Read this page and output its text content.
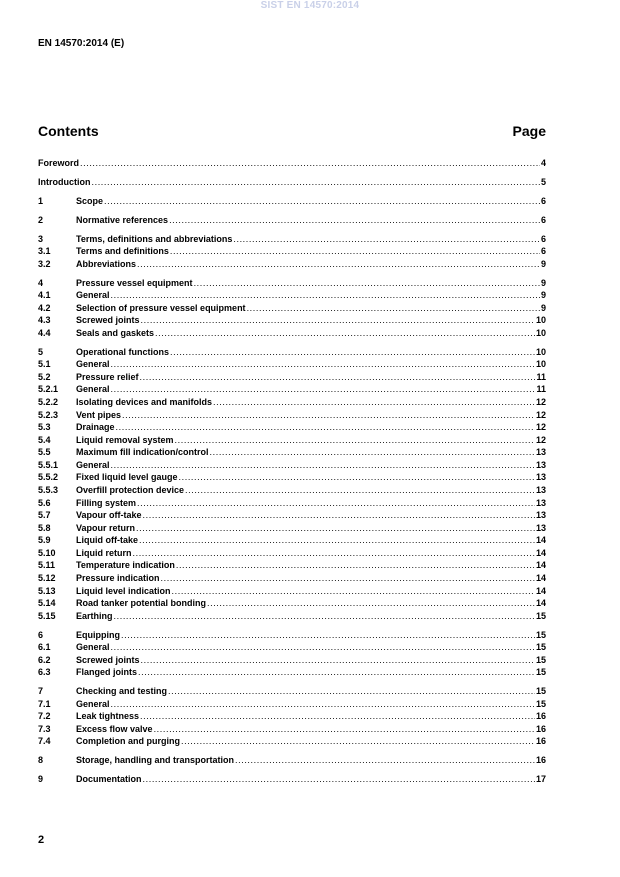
SIST EN 14570:2014
EN 14570:2014 (E)
Contents	Page
Foreword .....	4
Introduction .....	5
1	Scope .....	6
2	Normative references .....	6
3	Terms, definitions and abbreviations .....	6
3.1	Terms and definitions .....	6
3.2	Abbreviations .....	9
4	Pressure vessel equipment .....	9
4.1	General .....	9
4.2	Selection of pressure vessel equipment .....	9
4.3	Screwed joints .....	10
4.4	Seals and gaskets .....	10
5	Operational functions .....	10
5.1	General .....	10
5.2	Pressure relief .....	11
5.2.1 General .....	11
5.2.2 Isolating devices and manifolds .....	12
5.2.3 Vent pipes .....	12
5.3	Drainage .....	12
5.4	Liquid removal system .....	12
5.5	Maximum fill indication/control .....	13
5.5.1 General .....	13
5.5.2 Fixed liquid level gauge .....	13
5.5.3 Overfill protection device .....	13
5.6	Filling system .....	13
5.7	Vapour off-take .....	13
5.8	Vapour return .....	13
5.9	Liquid off-take .....	14
5.10 Liquid return .....	14
5.11 Temperature indication .....	14
5.12 Pressure indication .....	14
5.13 Liquid level indication .....	14
5.14 Road tanker potential bonding .....	14
5.15 Earthing .....	15
6	Equipping .....	15
6.1	General .....	15
6.2	Screwed joints .....	15
6.3	Flanged joints .....	15
7	Checking and testing .....	15
7.1	General .....	15
7.2	Leak tightness .....	16
7.3	Excess flow valve .....	16
7.4	Completion and purging .....	16
8	Storage, handling and transportation .....	16
9	Documentation .....	17
2
